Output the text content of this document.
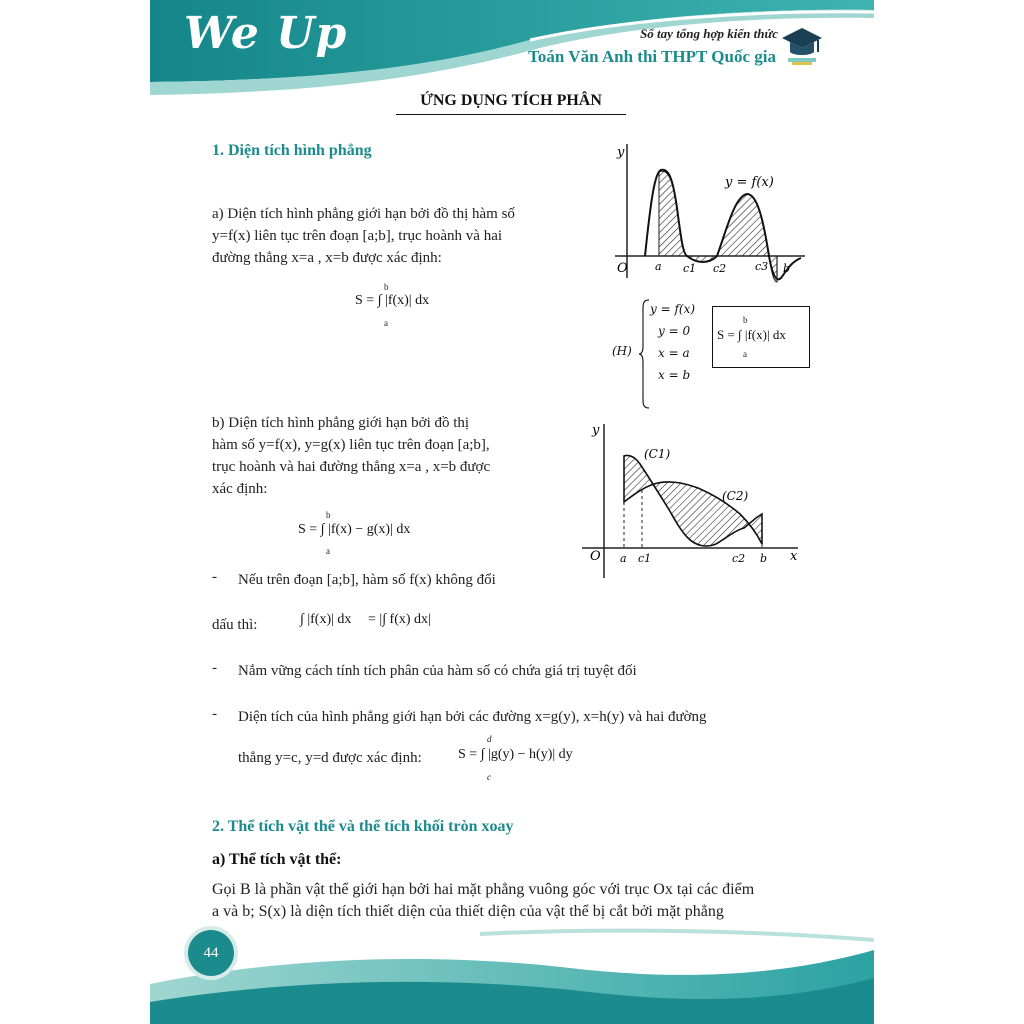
We Up	Sổ tay tổng hợp kiến thức
Toán Văn Anh thi THPT Quốc gia
ỨNG DỤNG TÍCH PHÂN
1. Diện tích hình phẳng
a) Diện tích hình phẳng giới hạn bởi đồ thị hàm số
y=f(x) liên tục trên đoạn [a;b], trục hoành và hai
đường thẳng x=a , x=b được xác định:
S = ∫ |f(x)| dx
b
a
y
O
y = f(x)
a c1 c2	c3 b
(H)
y = f(x)
y = 0
x = a
x = b
S = ∫ |f(x)| dx
b
a
b) Diện tích hình phẳng giới hạn bởi đồ thị
hàm số y=f(x), y=g(x) liên tục trên đoạn [a;b],
trục hoành và hai đường thẳng x=a , x=b được
xác định:
S = ∫ |f(x) − g(x)| dx
b
a
y
x
O
(C1)
(C2)
a c1	c2 b
- Nếu trên đoạn [a;b], hàm số f(x) không đổi
dấu thì:	∫ |f(x)| dx = |∫ f(x) dx|
- Nắm vững cách tính tích phân của hàm số có chứa giá trị tuyệt đối
- Diện tích của hình phẳng giới hạn bởi các đường x=g(y), x=h(y) và hai đường
thẳng y=c, y=d được xác định:	S = ∫ |g(y) − h(y)| dy
d
c
2. Thể tích vật thể và thể tích khối tròn xoay
a) Thể tích vật thể:
Gọi B là phần vật thể giới hạn bởi hai mặt phẳng vuông góc với trục Ox tại các điểm
a và b; S(x) là diện tích thiết diện của thiết diện của vật thể bị cắt bởi mặt phẳng
44
